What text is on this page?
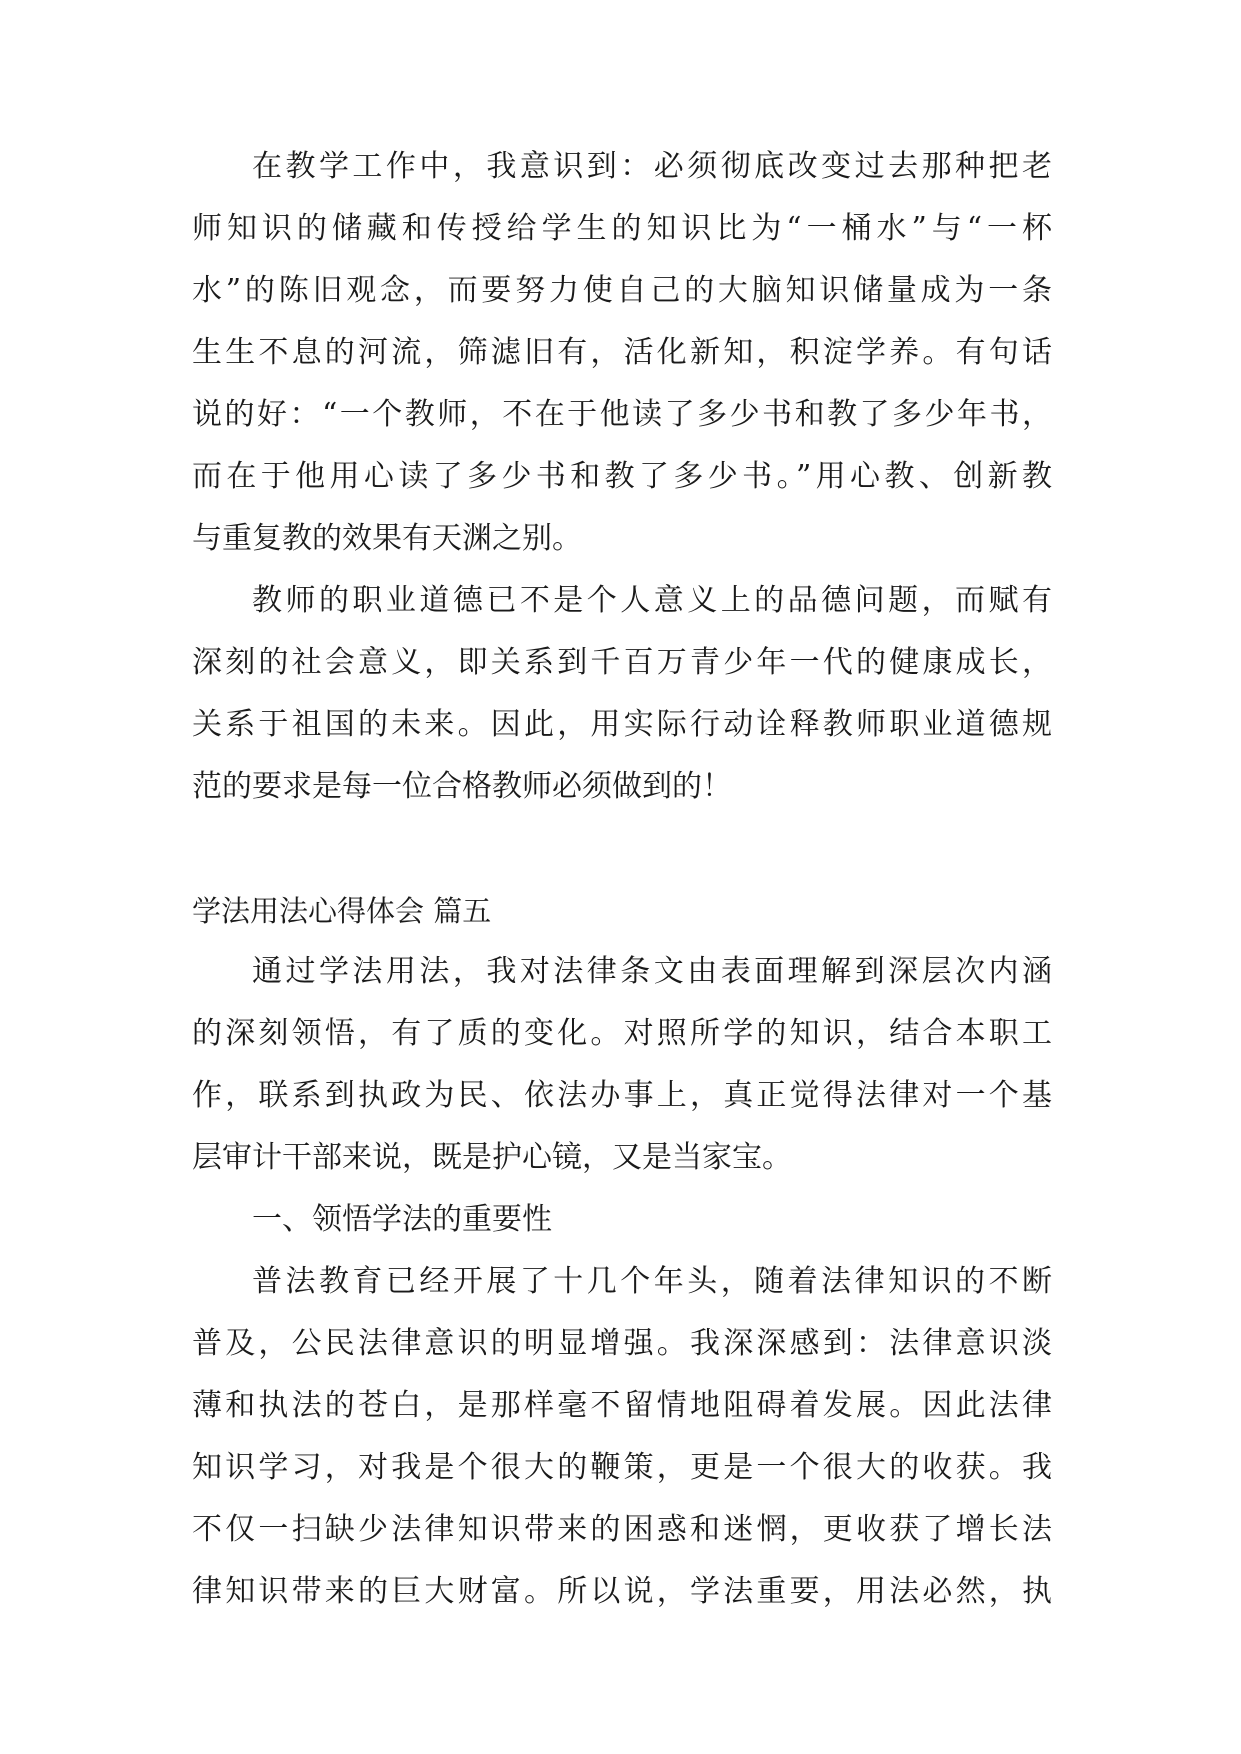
在教学工作中，我意识到：必须彻底改变过去那种把老
师知识的储藏和传授给学生的知识比为“一桶水”与“一杯
水”的陈旧观念，而要努力使自己的大脑知识储量成为一条
生生不息的河流，筛滤旧有，活化新知，积淀学养。有句话
说的好：“一个教师，不在于他读了多少书和教了多少年书，
而在于他用心读了多少书和教了多少书。”用心教、创新教
与重复教的效果有天渊之别。
教师的职业道德已不是个人意义上的品德问题，而赋有
深刻的社会意义，即关系到千百万青少年一代的健康成长，
关系于祖国的未来。因此，用实际行动诠释教师职业道德规
范的要求是每一位合格教师必须做到的！
学法用法心得体会 篇五
通过学法用法，我对法律条文由表面理解到深层次内涵
的深刻领悟，有了质的变化。对照所学的知识，结合本职工
作，联系到执政为民、依法办事上，真正觉得法律对一个基
层审计干部来说，既是护心镜，又是当家宝。
一、领悟学法的重要性
普法教育已经开展了十几个年头，随着法律知识的不断
普及，公民法律意识的明显增强。我深深感到：法律意识淡
薄和执法的苍白，是那样毫不留情地阻碍着发展。因此法律
知识学习，对我是个很大的鞭策，更是一个很大的收获。我
不仅一扫缺少法律知识带来的困惑和迷惘，更收获了增长法
律知识带来的巨大财富。所以说，学法重要，用法必然，执
